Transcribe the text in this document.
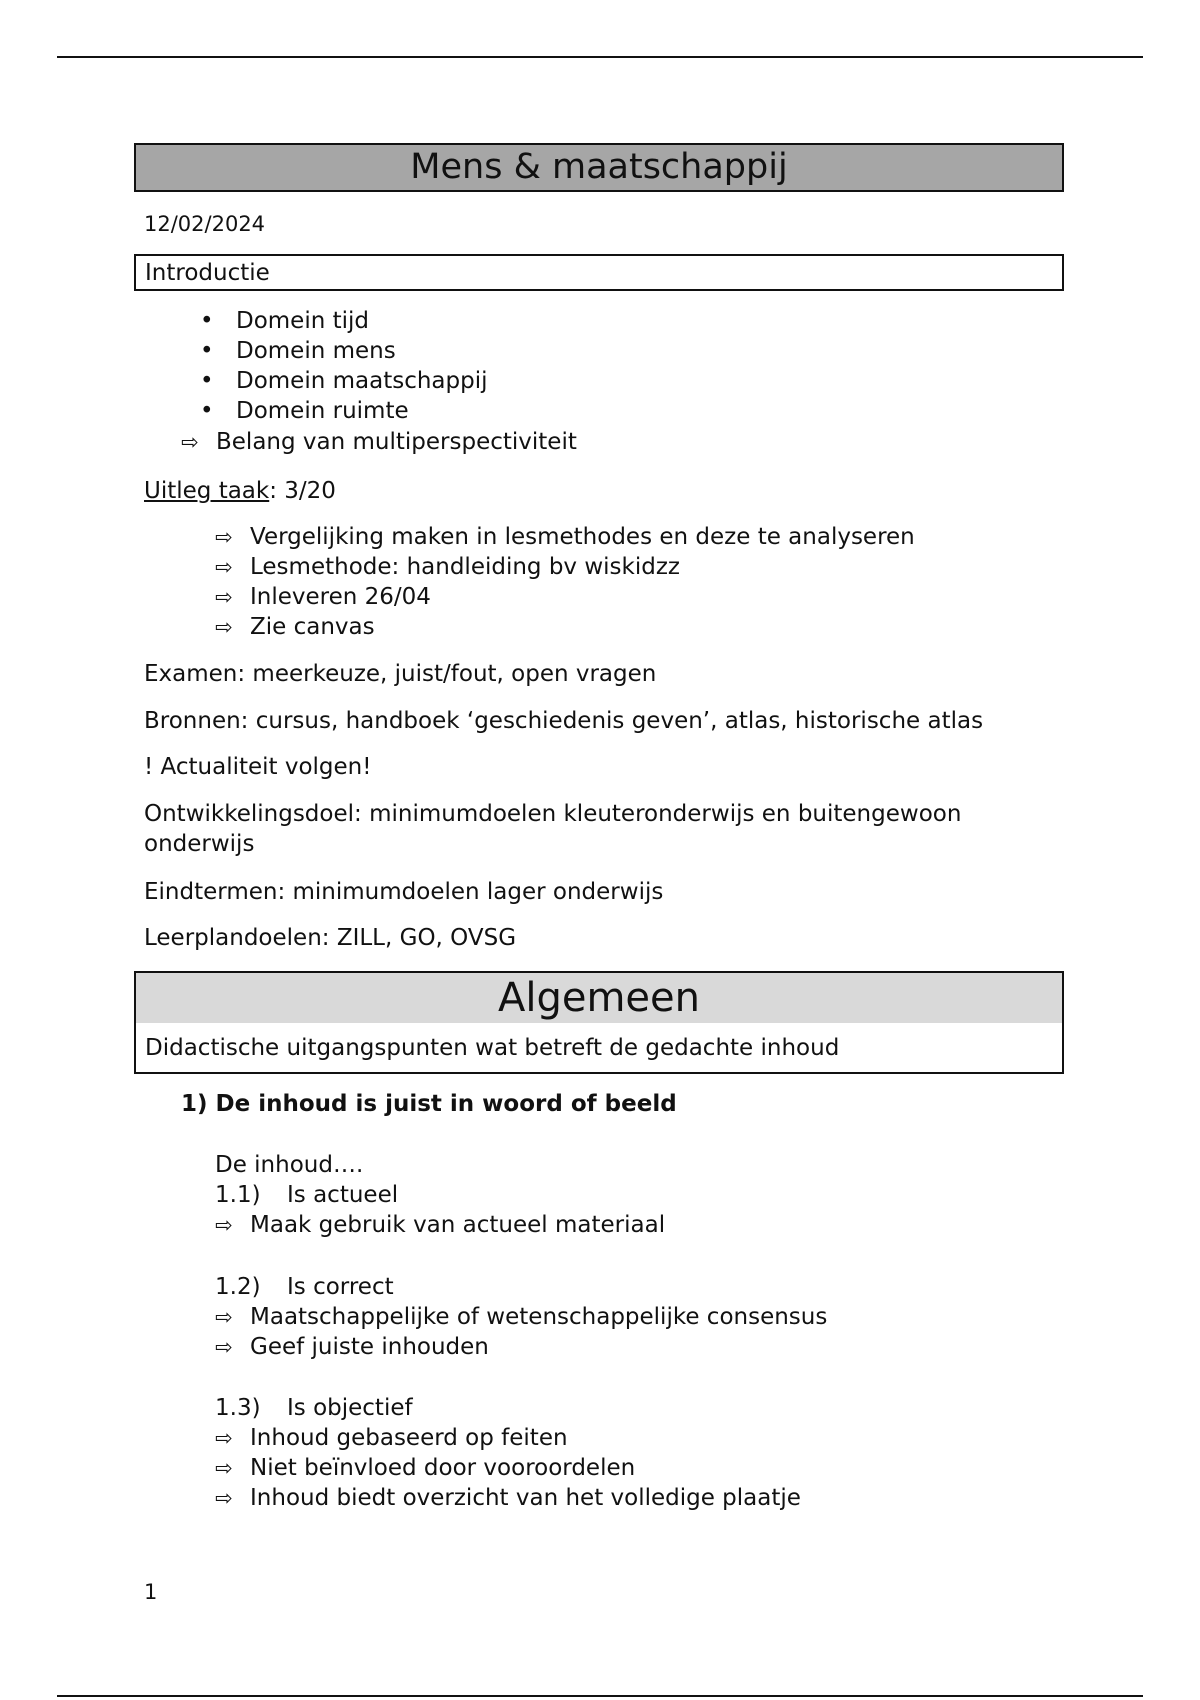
Mens & maatschappij
12/02/2024
Introductie
• Domein tijd
• Domein mens
• Domein maatschappij
• Domein ruimte
⇨ Belang van multiperspectiviteit
Uitleg taak: 3/20
⇨ Vergelijking maken in lesmethodes en deze te analyseren
⇨ Lesmethode: handleiding bv wiskidzz
⇨ Inleveren 26/04
⇨ Zie canvas
Examen: meerkeuze, juist/fout, open vragen
Bronnen: cursus, handboek ‘geschiedenis geven’, atlas, historische atlas
! Actualiteit volgen!
Ontwikkelingsdoel: minimumdoelen kleuteronderwijs en buitengewoon
onderwijs
Eindtermen: minimumdoelen lager onderwijs
Leerplandoelen: ZILL, GO, OVSG
Algemeen
Didactische uitgangspunten wat betreft de gedachte inhoud
1) De inhoud is juist in woord of beeld
De inhoud….
1.1) Is actueel
⇨ Maak gebruik van actueel materiaal
1.2) Is correct
⇨ Maatschappelijke of wetenschappelijke consensus
⇨ Geef juiste inhouden
1.3) Is objectief
⇨ Inhoud gebaseerd op feiten
⇨ Niet beïnvloed door vooroordelen
⇨ Inhoud biedt overzicht van het volledige plaatje
1
